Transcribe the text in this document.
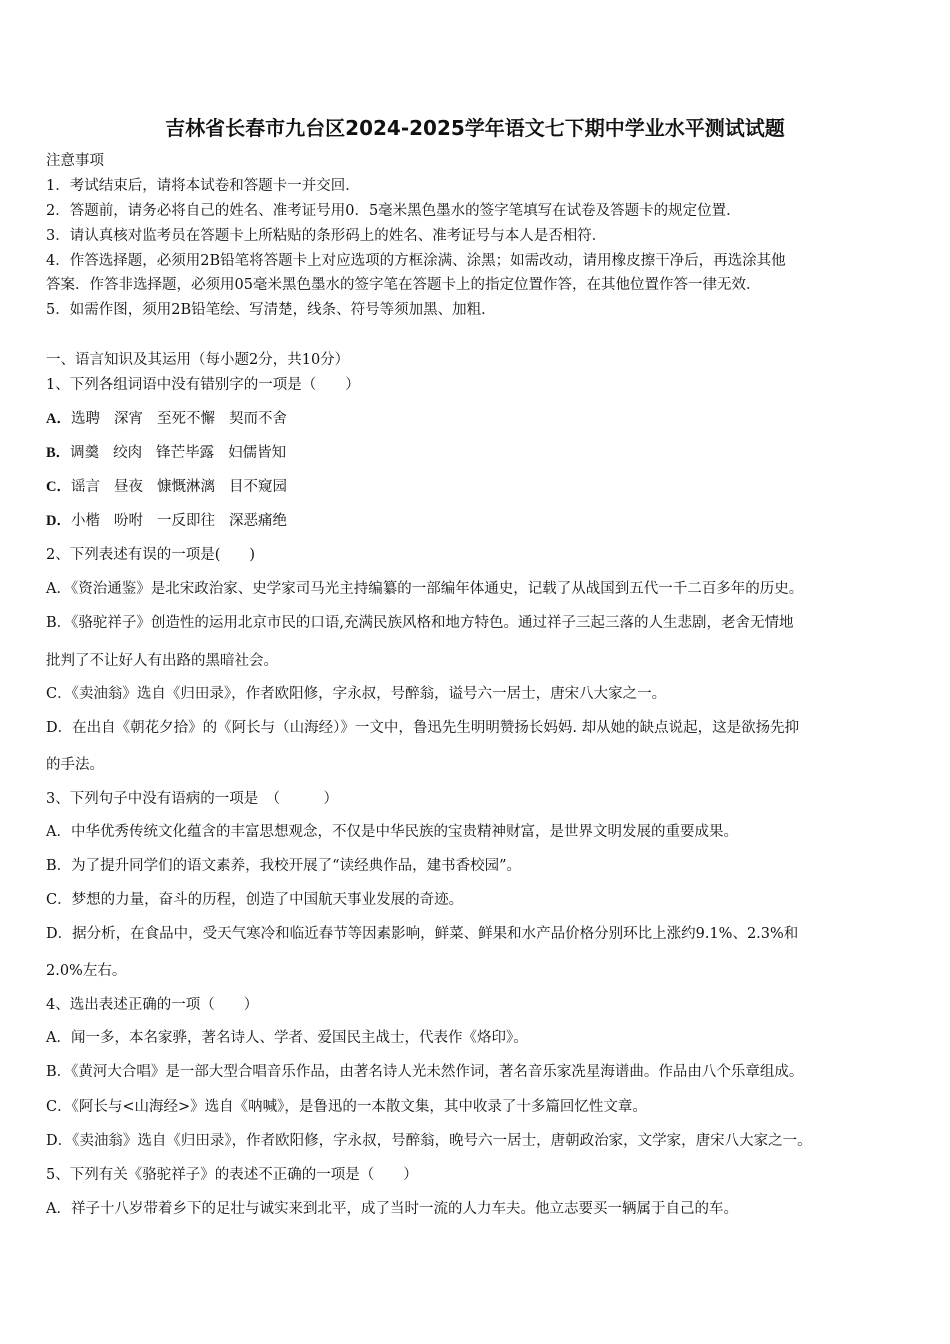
吉林省长春市九台区2024-2025学年语文七下期中学业水平测试试题
注意事项
1．考试结束后，请将本试卷和答题卡一并交回．
2．答题前，请务必将自己的姓名、准考证号用0．5毫米黑色墨水的签字笔填写在试卷及答题卡的规定位置．
3．请认真核对监考员在答题卡上所粘贴的条形码上的姓名、准考证号与本人是否相符．
4．作答选择题，必须用2B铅笔将答题卡上对应选项的方框涂满、涂黑；如需改动，请用橡皮擦干净后，再选涂其他
答案．作答非选择题，必须用05毫米黑色墨水的签字笔在答题卡上的指定位置作答，在其他位置作答一律无效．
5．如需作图，须用2B铅笔绘、写清楚，线条、符号等须加黑、加粗．
一、语言知识及其运用（每小题2分，共10分）
1、下列各组词语中没有错别字的一项是（　　）
A．选聘 深宵 至死不懈 契而不舍
B．调羹 绞肉 锋芒毕露 妇儒皆知
C．谣言 昼夜 慷慨淋漓 目不窥园
D．小楷 吩咐 一反即往 深恶痛绝
2、下列表述有误的一项是(　　)
A．《资治通鉴》是北宋政治家、史学家司马光主持编纂的一部编年体通史，记载了从战国到五代一千二百多年的历史。
B．《骆驼祥子》创造性的运用北京市民的口语,充满民族风格和地方特色。通过祥子三起三落的人生悲剧，老舍无情地
批判了不让好人有出路的黑暗社会。
C．《卖油翁》选自《归田录》，作者欧阳修，字永叔，号醉翁，谥号六一居士，唐宋八大家之一。
D．在出自《朝花夕拾》的《阿长与（山海经）》一文中，鲁迅先生明明赞扬长妈妈. 却从她的缺点说起，这是欲扬先抑
的手法。
3、下列句子中没有语病的一项是　（　　　）
A．中华优秀传统文化蕴含的丰富思想观念，不仅是中华民族的宝贵精神财富，是世界文明发展的重要成果。
B．为了提升同学们的语文素养，我校开展了“读经典作品，建书香校园”。
C．梦想的力量，奋斗的历程，创造了中国航天事业发展的奇迹。
D．据分析，在食品中，受天气寒冷和临近春节等因素影响，鲜菜、鲜果和水产品价格分别环比上涨约9.1%、2.3%和
2.0%左右。
4、选出表述正确的一项（　　）
A．闻一多，本名家骅，著名诗人、学者、爱国民主战士，代表作《烙印》。
B．《黄河大合唱》是一部大型合唱音乐作品，由著名诗人光未然作词，著名音乐家冼星海谱曲。作品由八个乐章组成。
C．《阿长与<山海经>》选自《呐喊》，是鲁迅的一本散文集，其中收录了十多篇回忆性文章。
D．《卖油翁》选自《归田录》，作者欧阳修，字永叔，号醉翁，晚号六一居士，唐朝政治家，文学家，唐宋八大家之一。
5、下列有关《骆驼祥子》的表述不正确的一项是（　　）
A．祥子十八岁带着乡下的足壮与诚实来到北平，成了当时一流的人力车夫。他立志要买一辆属于自己的车。
